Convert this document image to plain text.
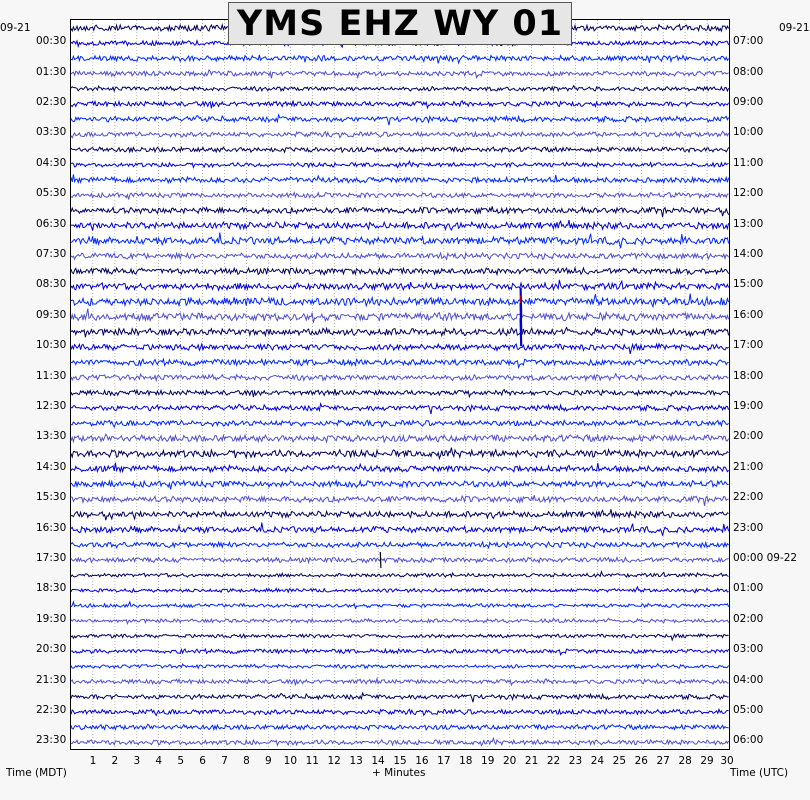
YMS EHZ WY 01
09-21	09-21
00:30
01:30
02:30
03:30
04:30
05:30
06:30
07:30
08:30
09:30
10:30
11:30
12:30
13:30
14:30
15:30
16:30
17:30
18:30
19:30
20:30
21:30
22:30
23:30
07:00
08:00
09:00
10:00
11:00
12:00
13:00
14:00
15:00
16:00
17:00
18:00
19:00
20:00
21:00
22:00
23:00
00:00 09-22
01:00
02:00
03:00
04:00
05:00
06:00
1 2 3 4 5 6 7 8 9 10 11 12 13 14 15 16 17 18 19 20 21 22 23 24 25 26 27 28 29 30
Time (MDT)	+ Minutes	Time (UTC)
